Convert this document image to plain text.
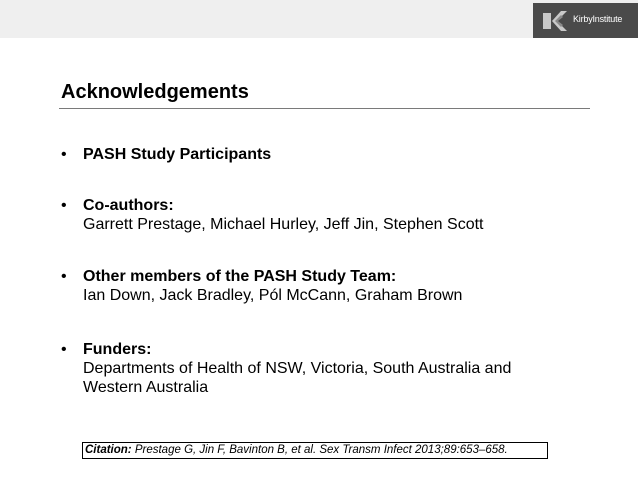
KirbyInstitute
Acknowledgements
• PASH Study Participants
• Co-authors:
Garrett Prestage, Michael Hurley, Jeff Jin, Stephen Scott
• Other members of the PASH Study Team:
Ian Down, Jack Bradley, Pól McCann, Graham Brown
• Funders:
Departments of Health of NSW, Victoria, South Australia and
Western Australia
Citation: Prestage G, Jin F, Bavinton B, et al. Sex Transm Infect 2013;89:653–658.
